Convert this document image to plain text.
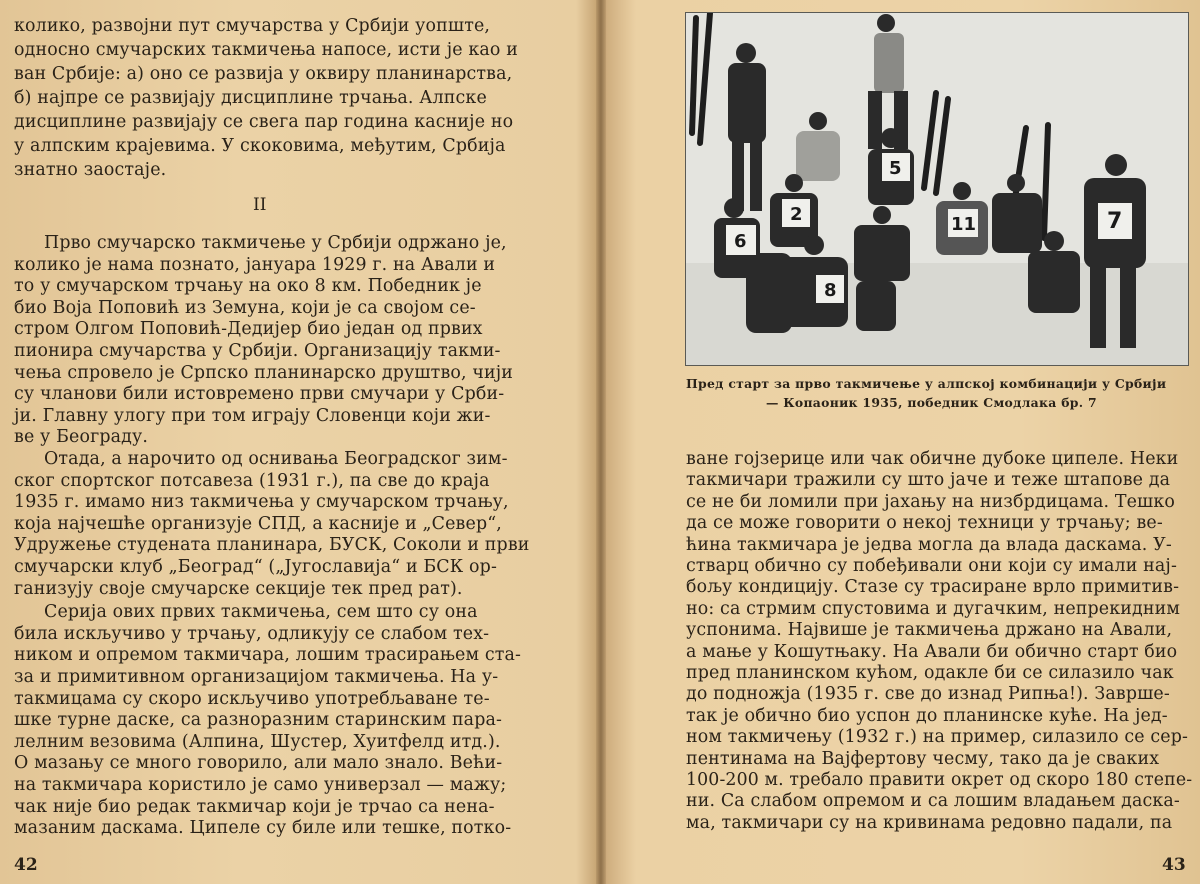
колико, развојни пут смучарства у Србији уопште,
односно смучарских такмичења напосе, исти је као и
ван Србије: а) оно се развија у оквиру планинарства,
б) најпре се развијају дисциплине трчања. Алпске
дисциплине развијају се свега пар година касније но
у алпским крајевима. У скоковима, међутим, Србија
знатно заостаје.
II
42
Прво смучарско такмичење у Србији одржано је,
колико је нама познато, јануара 1929 г. на Авали и
то у смучарском трчању на око 8 км. Победник је
био Воја Поповић из Земуна, који је са својом се-
стром Олгом Поповић-Дедијер био један од првих
пионира смучарства у Србији. Организацију такми-
чења спровело је Српско планинарско друштво, чији
су чланови били истовремено први смучари у Срби-
ји. Главну улогу при том играју Словенци који жи-
ве у Београду.
Отада, а нарочито од оснивања Београдског зим-
ског спортског потсавеза (1931 г.), па све до краја
1935 г. имамо низ такмичења у смучарском трчању,
која најчешће организује СПД, а касније и „Север“,
Удружење студената планинара, БУСК, Соколи и први
смучарски клуб „Београд“ („Југославија“ и БСК ор-
ганизују своје смучарске секције тек пред рат).
Серија ових првих такмичења, сем што су она
била искључиво у трчању, одликују се слабом тех-
ником и опремом такмичара, лошим трасирањем ста-
за и примитивном организацијом такмичења. На у-
такмицама су скоро искључиво употребљаване те-
шке турне даске, са разноразним старинским пара-
лелним везовима (Алпина, Шустер, Хуитфелд итд.).
О мазању се много говорило, али мало знало. Већи-
на такмичара користило је само универзал — мажу;
чак није био редак такмичар који је трчао са нена-
мазаним даскама. Ципеле су биле или тешке, потко-
6
2
5
8
11	7
Пред старт за прво такмичење у алпској комбинацији у Србији
— Копаоник 1935, победник Смодлака бр. 7
43
ване гојзерице или чак обичне дубоке ципеле. Неки
такмичари тражили су што јаче и теже штапове да
се не би ломили при јахању на низбрдицама. Тешко
да се може говорити о некој техници у трчању; ве-
ћина такмичара је једва могла да влада даскама. У-
стварц обично су побеђивали они који су имали нај-
бољу кондицију. Стазе су трасиране врло примитив-
но: са стрмим спустовима и дугачким, непрекидним
успонима. Највише је такмичења држано на Авали,
а мање у Кошутњаку. На Авали би обично старт био
пред планинском кућом, одакле би се силазило чак
до подножја (1935 г. све до изнад Рипња!). Заврше-
так је обично био успон до планинске куће. На јед-
ном такмичењу (1932 г.) на пример, силазило се сер-
пентинама на Вајфертову чесму, тако да је сваких
100-200 м. требало правити окрет од скоро 180 степе-
ни. Са слабом опремом и са лошим владањем даска-
ма, такмичари су на кривинама редовно падали, па
